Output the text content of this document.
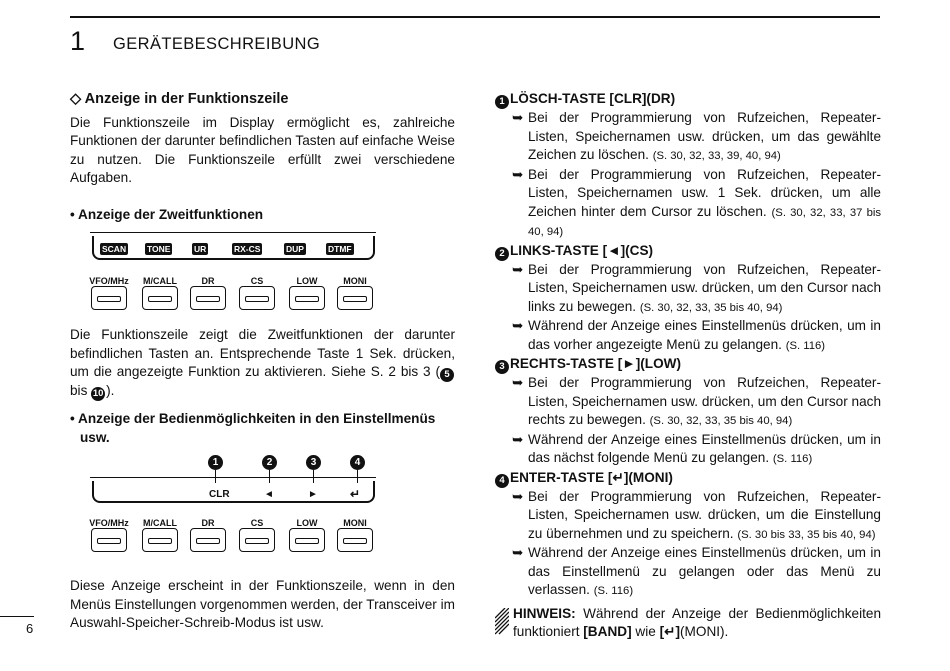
1 GERÄTEBESCHREIBUNG
6

◇ Anzeige in der Funktionszeile

Die Funktionszeile im Display ermöglicht es, zahlreiche Funktionen der darunter befindlichen Tasten auf einfache Weise zu nutzen. Die Funktionszeile erfüllt zwei verschiedene Aufgaben.

• Anzeige der Zweitfunktionen

SCAN TONE	UR	RX-CS	DUP	DTMF
VFO/MHz	M/CALL	DR	CS	LOW	MONI

Die Funktionszeile zeigt die Zweitfunktionen der darunter befindlichen Tasten an. Entsprechende Taste 1 Sek. drücken, um die angezeigte Funktion zu aktivieren. Siehe S. 2 bis 3 ( 5 bis 10 ).

• Anzeige der Bedienmöglichkeiten in den Einstellmenüs usw.

1	2	3	4
CLR	◄	►	↵
VFO/MHz	M/CALL	DR	CS	LOW	MONI

Diese Anzeige erscheint in der Funktionszeile, wenn in den Menüs Einstellungen vorgenommen werden, der Transceiver im Auswahl-Speicher-Schreib-Modus ist usw.

1 LÖSCH-TASTE [CLR](DR)

➥ Bei der Programmierung von Rufzeichen, Repeater-Listen, Speichernamen usw. drücken, um das gewählte Zeichen zu löschen. (S. 30, 32, 33, 39, 40, 94)

➥ Bei der Programmierung von Rufzeichen, Repeater-Listen, Speichernamen usw. 1 Sek. drücken, um alle Zeichen hinter dem Cursor zu löschen. (S. 30, 32, 33, 37 bis 40, 94)

2 LINKS-TASTE [◄](CS)

➥ Bei der Programmierung von Rufzeichen, Repeater-Listen, Speichernamen usw. drücken, um den Cursor nach links zu bewegen. (S. 30, 32, 33, 35 bis 40, 94)

➥ Während der Anzeige eines Einstellmenüs drücken, um in das vorher angezeigte Menü zu gelangen. (S. 116)

3 RECHTS-TASTE [►](LOW)

➥ Bei der Programmierung von Rufzeichen, Repeater-Listen, Speichernamen usw. drücken, um den Cursor nach rechts zu bewegen. (S. 30, 32, 33, 35 bis 40, 94)

➥ Während der Anzeige eines Einstellmenüs drücken, um in das nächst folgende Menü zu gelangen. (S. 116)

4 ENTER-TASTE [↵](MONI)

➥ Bei der Programmierung von Rufzeichen, Repeater-Listen, Speichernamen usw. drücken, um die Einstellung zu übernehmen und zu speichern. (S. 30 bis 33, 35 bis 40, 94)

➥ Während der Anzeige eines Einstellmenüs drücken, um in das Einstellmenü zu gelangen oder das Menü zu verlassen. (S. 116)

HINWEIS: Während der Anzeige der Bedienmöglichkeiten funktioniert [BAND] wie [↵](MONI).
